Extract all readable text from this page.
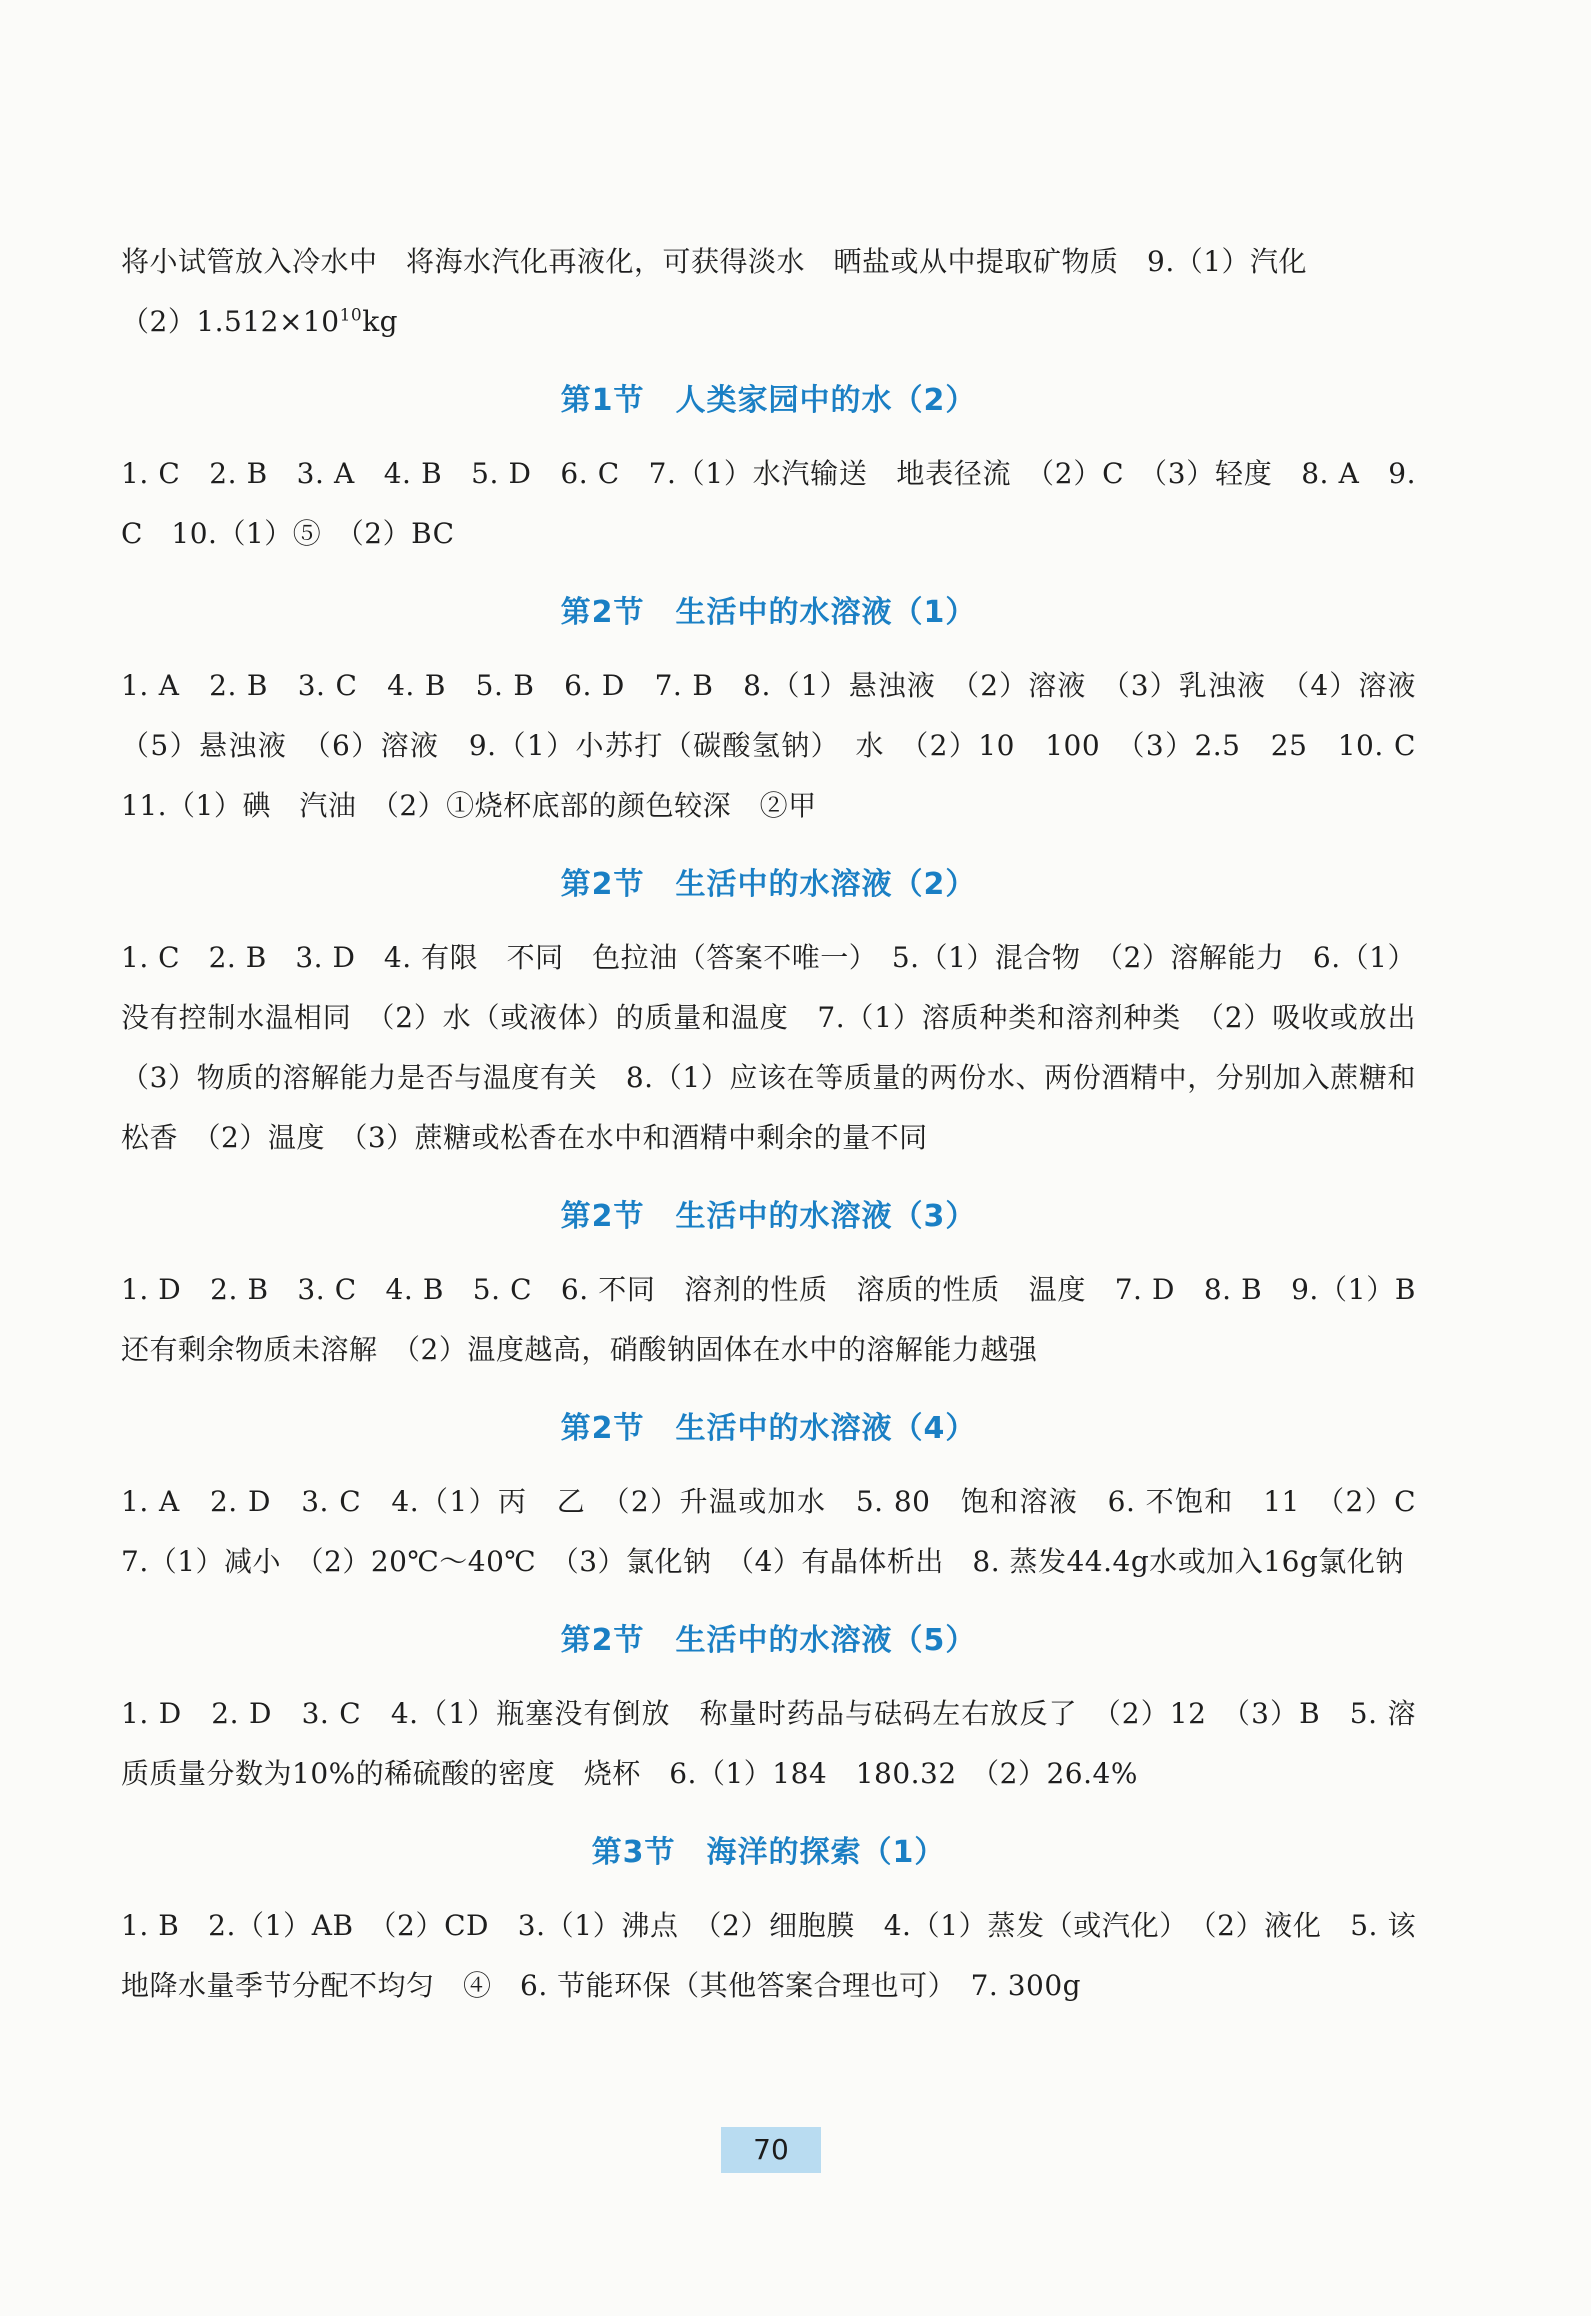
将小试管放入冷水中　将海水汽化再液化，可获得淡水　晒盐或从中提取矿物质　9.（1）汽化
$(2)1.512\times 10^{10}kg$

第1节　人类家园中的水（2）

1. C　2. B　3. A　4. B　5. D　6. C　7.（1）水汽输送　地表径流　（2）C　（3）轻度　8. A　9. C　10.（1）⑤　（2）BC

第2节　生活中的水溶液（1）

1. A　2. B　3. C　4. B　5. B　6. D　7. B　8.（1）悬浊液　（2）溶液　（3）乳浊液　（4）溶液　（5）悬浊液　（6）溶液　9.（1）小苏打（碳酸氢钠）　水　（2）10　100　（3）2.5　25　10. C　11.（1）碘　汽油　（2）①烧杯底部的颜色较深　②甲

第2节　生活中的水溶液（2）

1. C　2. B　3. D　4. 有限　不同　色拉油（答案不唯一）　5.（1）混合物　（2）溶解能力　6.（1）没有控制水温相同　（2）水（或液体）的质量和温度　7.（1）溶质种类和溶剂种类　（2）吸收或放出　（3）物质的溶解能力是否与温度有关　8.（1）应该在等质量的两份水、两份酒精中，分别加入蔗糖和松香　（2）温度　（3）蔗糖或松香在水中和酒精中剩余的量不同

第2节　生活中的水溶液（3）

1. D　2. B　3. C　4. B　5. C　6. 不同　溶剂的性质　溶质的性质　温度　7. D　8. B　9.（1）B 还有剩余物质未溶解　（2）温度越高，硝酸钠固体在水中的溶解能力越强

第2节　生活中的水溶液（4）

1. A　2. D　3. C　4.（1）丙　乙　（2）升温或加水　5. 80　饱和溶液　6. 不饱和　11　（2）C　7.（1）减小　（2）20℃～40℃　（3）氯化钠　（4）有晶体析出　8. 蒸发44.4g水或加入16g氯化钠

第2节　生活中的水溶液（5）

1. D　2. D　3. C　4.（1）瓶塞没有倒放　称量时药品与砝码左右放反了　（2）12　（3）B　5. 溶质质量分数为10%的稀硫酸的密度　烧杯　6.（1）184　180.32　（2）26.4%

第3节　海洋的探索（1）

1. B　2.（1）AB　（2）CD　3.（1）沸点　（2）细胞膜　4.（1）蒸发（或汽化）　（2）液化　5. 该地降水量季节分配不均匀　④　6. 节能环保（其他答案合理也可）　7. 300g

70
